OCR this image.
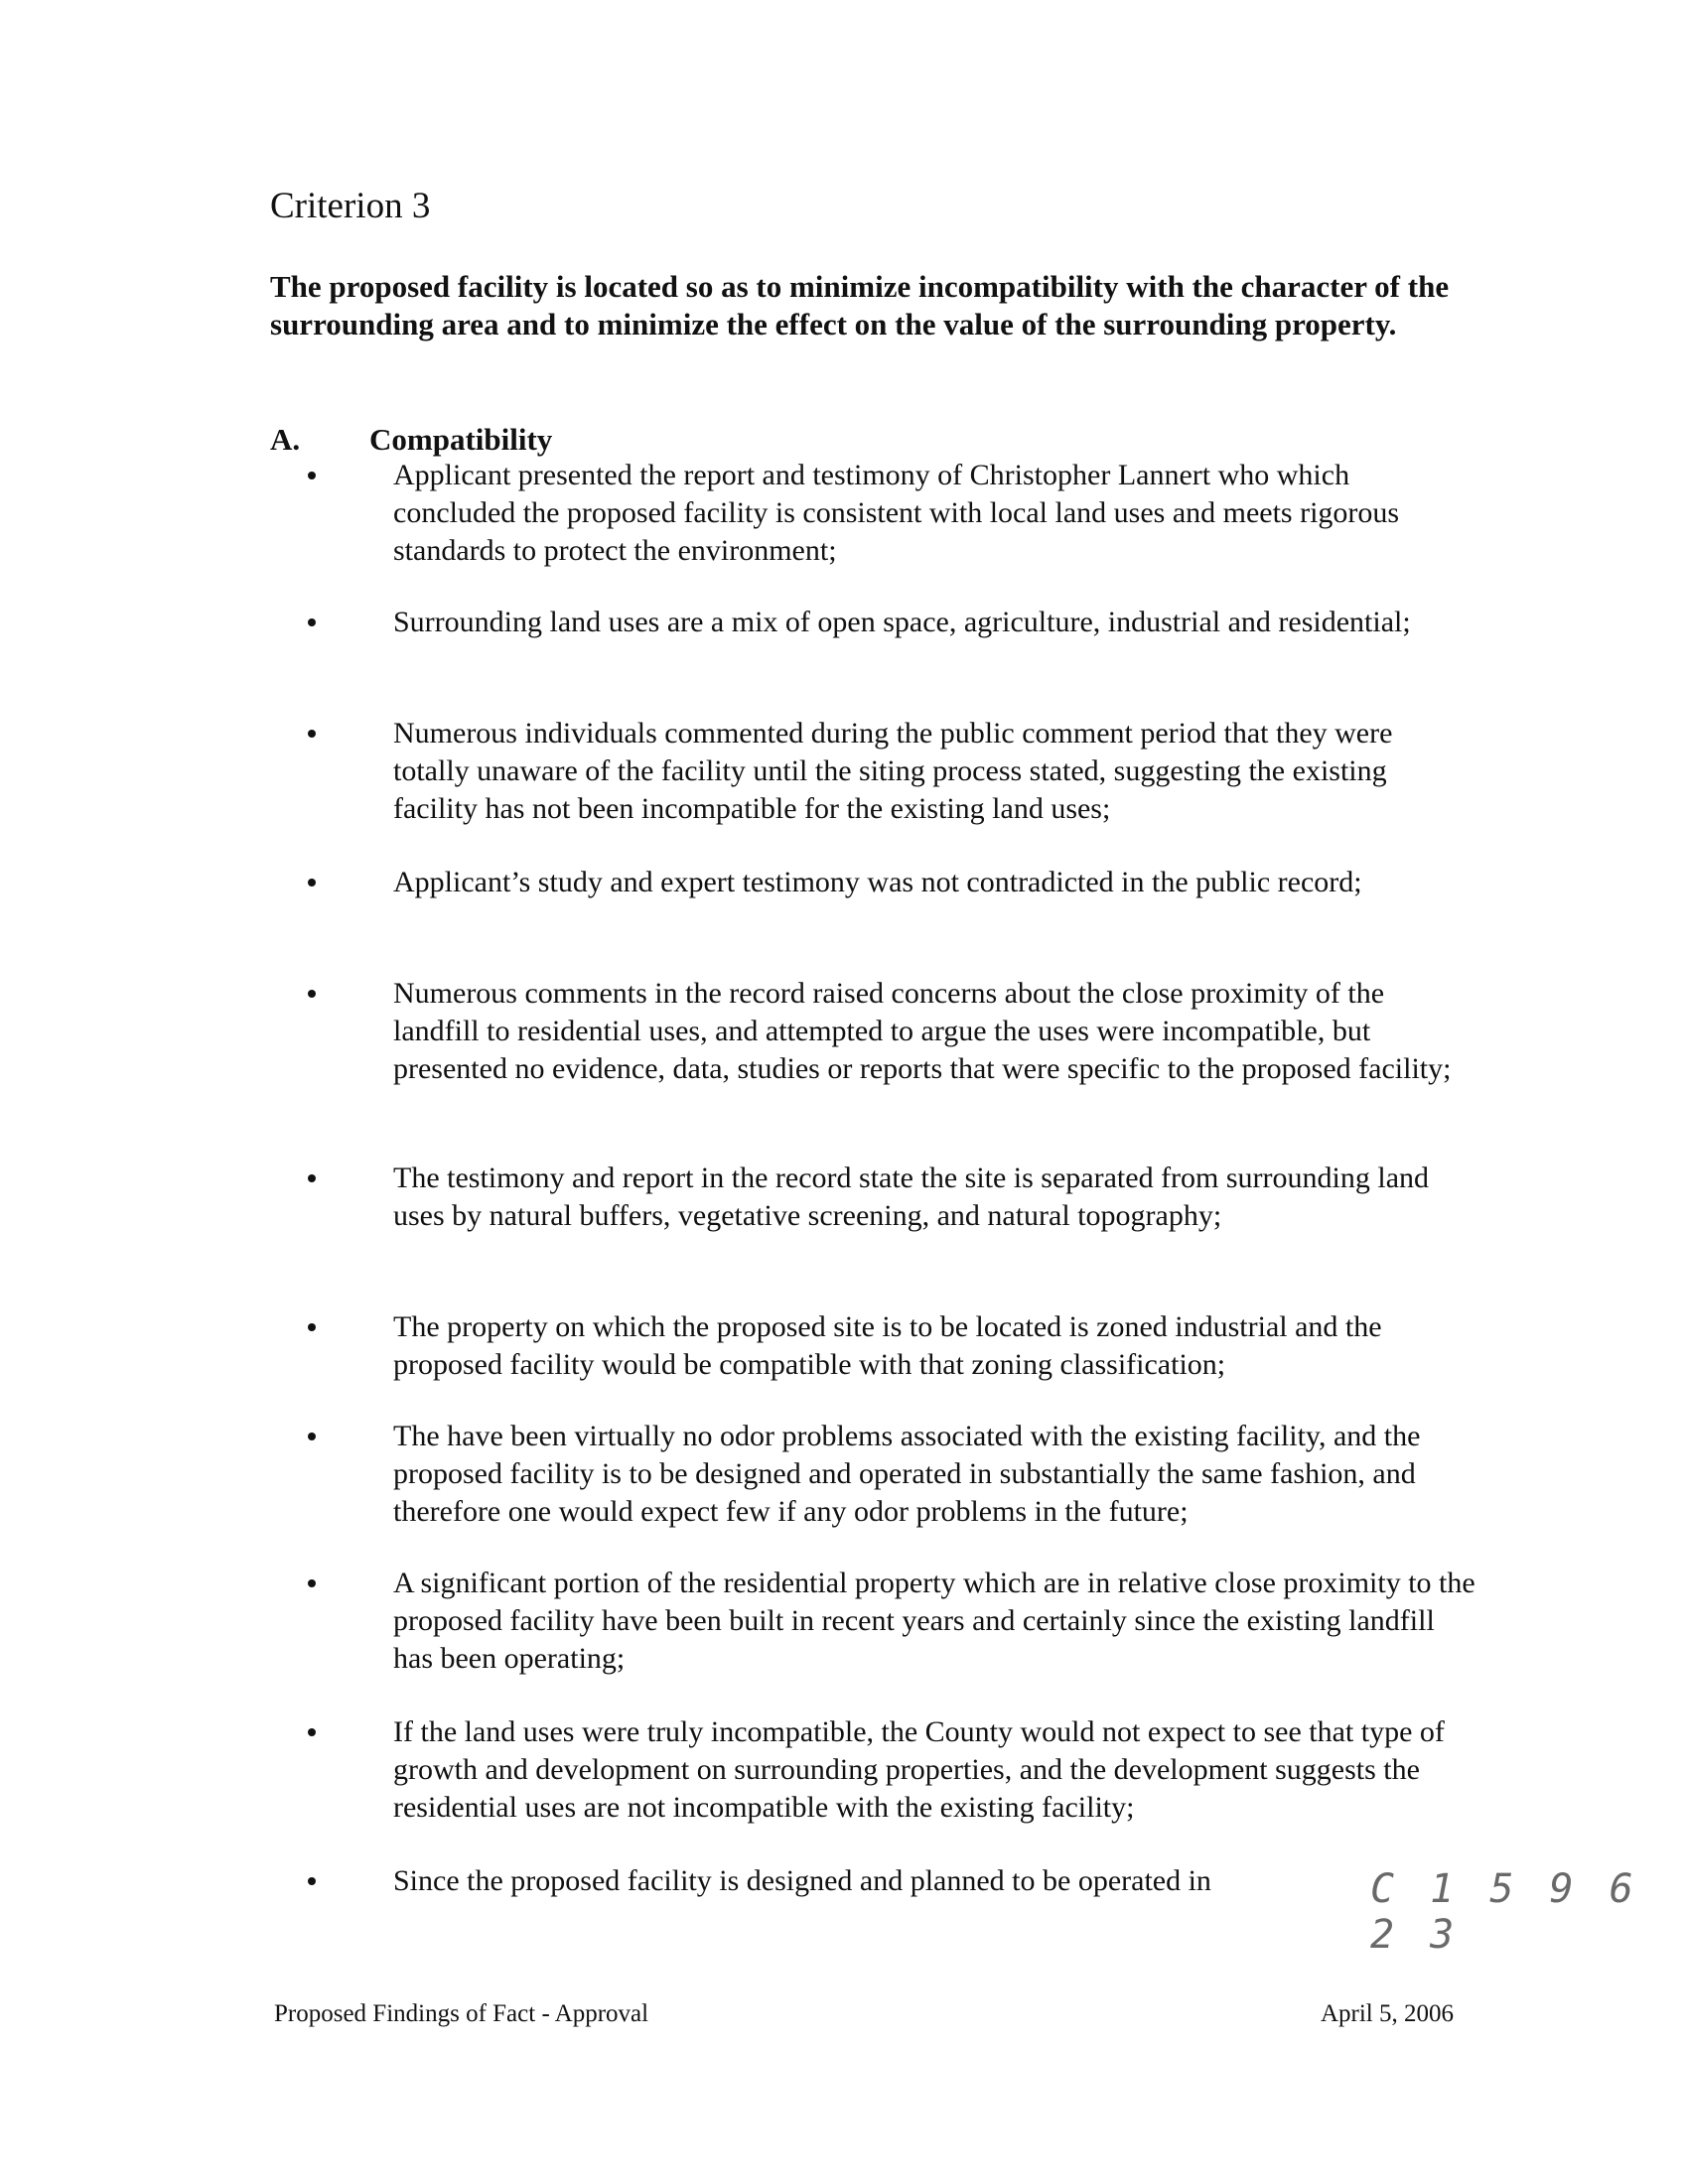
Criterion 3

The proposed facility is located so as to minimize incompatibility with the character of the surrounding area and to minimize the effect on the value of the surrounding property.

A. Compatibility
Applicant presented the report and testimony of Christopher Lannert who which concluded the proposed facility is consistent with local land uses and meets rigorous standards to protect the environment;
Surrounding land uses are a mix of open space, agriculture, industrial and residential;
Numerous individuals commented during the public comment period that they were totally unaware of the facility until the siting process stated, suggesting the existing facility has not been incompatible for the existing land uses;
Applicant’s study and expert testimony was not contradicted in the public record;
Numerous comments in the record raised concerns about the close proximity of the landfill to residential uses, and attempted to argue the uses were incompatible, but presented no evidence, data, studies or reports that were specific to the proposed facility;
The testimony and report in the record state the site is separated from surrounding land uses by natural buffers, vegetative screening, and natural topography;
The property on which the proposed site is to be located is zoned industrial and the proposed facility would be compatible with that zoning classification;
The have been virtually no odor problems associated with the existing facility, and the proposed facility is to be designed and operated in substantially the same fashion, and therefore one would expect few if any odor problems in the future;
A significant portion of the residential property which are in relative close proximity to the proposed facility have been built in recent years and certainly since the existing landfill has been operating;
If the land uses were truly incompatible, the County would not expect to see that type of growth and development on surrounding properties, and the development suggests the residential uses are not incompatible with the existing facility;
Since the proposed facility is designed and planned to be operated in	C 1 5 9 6 2 3
Proposed Findings of Fact - Approval	April 5, 2006
